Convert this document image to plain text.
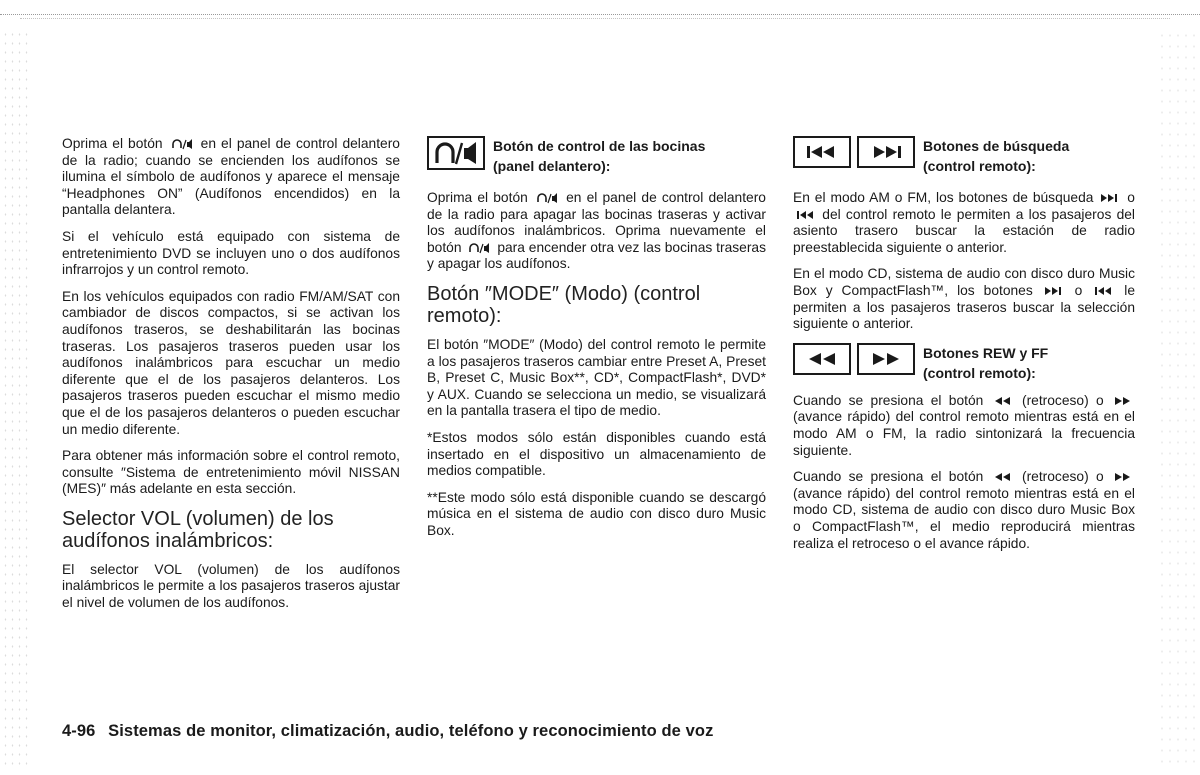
Oprima el botón	en el panel de control delantero de la radio; cuando se encienden los audífonos se ilumina el símbolo de audífonos y aparece el mensaje “Headphones ON” (Audífonos encendidos) en la pantalla delantera.

Si el vehículo está equipado con sistema de entretenimiento DVD se incluyen uno o dos audífonos infrarrojos y un control remoto.

En los vehículos equipados con radio FM/AM/SAT con cambiador de discos compactos, si se activan los audífonos traseros, se deshabilitarán las bocinas traseras. Los pasajeros traseros pueden usar los audífonos inalámbricos para escuchar un medio diferente que el de los pasajeros delanteros. Los pasajeros traseros pueden escuchar el mismo medio que el de los pasajeros delanteros o pueden escuchar un medio diferente.

Para obtener más información sobre el control remoto, consulte ″Sistema de entretenimiento móvil NISSAN (MES)″ más adelante en esta sección.

Selector VOL (volumen) de los audífonos inalámbricos:

El selector VOL (volumen) de los audífonos inalámbricos le permite a los pasajeros traseros ajustar el nivel de volumen de los audífonos.

Botón de control de las bocinas
(panel delantero):

Oprima el botón	en el panel de control delantero de la radio para apagar las bocinas traseras y activar los audífonos inalámbricos. Oprima nuevamente el botón	para encender otra vez las bocinas traseras y apagar los audífonos.

Botón ″MODE″ (Modo) (control remoto):

El botón ″MODE″ (Modo) del control remoto le permite a los pasajeros traseros cambiar entre Preset A, Preset B, Preset C, Music Box**, CD*, CompactFlash*, DVD* y AUX. Cuando se selecciona un medio, se visualizará en la pantalla trasera el tipo de medio.

*Estos modos sólo están disponibles cuando está insertado en el dispositivo un almacenamiento de medios compatible.

**Este modo sólo está disponible cuando se descargó música en el sistema de audio con disco duro Music Box.

Botones de búsqueda
(control remoto):

En el modo AM o FM, los botones de búsqueda o  del control remoto le permiten a los pasajeros del asiento trasero buscar la estación de radio preestablecida siguiente o anterior.

En el modo CD, sistema de audio con disco duro Music Box y CompactFlash™, los botones	o	le permiten a los pasajeros traseros buscar la selección siguiente o anterior.

Botones REW y FF
(control remoto):

Cuando se presiona el botón	(retroceso) o  (avance rápido) del control remoto mientras está en el modo AM o FM, la radio sintonizará la frecuencia siguiente.

Cuando se presiona el botón	(retroceso) o  (avance rápido) del control remoto mientras está en el modo CD, sistema de audio con disco duro Music Box o CompactFlash™, el medio reproducirá mientras realiza el retroceso o el avance rápido.

4-96 Sistemas de monitor, climatización, audio, teléfono y reconocimiento de voz
